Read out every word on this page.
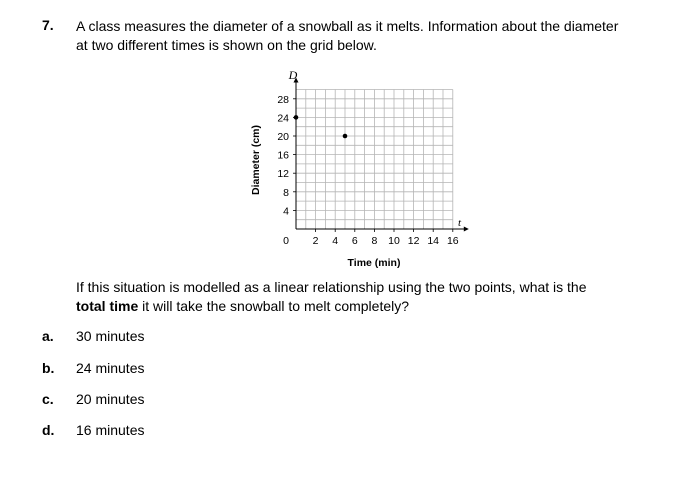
7. A class measures the diameter of a snowball as it melts. Information about the diameter
at two different times is shown on the grid below.
2 4 6 8 10 12 14 16
4
8
12
16
20
24
28
Diameter (cm)
Time (min)
D
t
0
If this situation is modelled as a linear relationship using the two points, what is the
total time it will take the snowball to melt completely?
a. 30 minutes
b. 24 minutes
c. 20 minutes
d. 16 minutes
